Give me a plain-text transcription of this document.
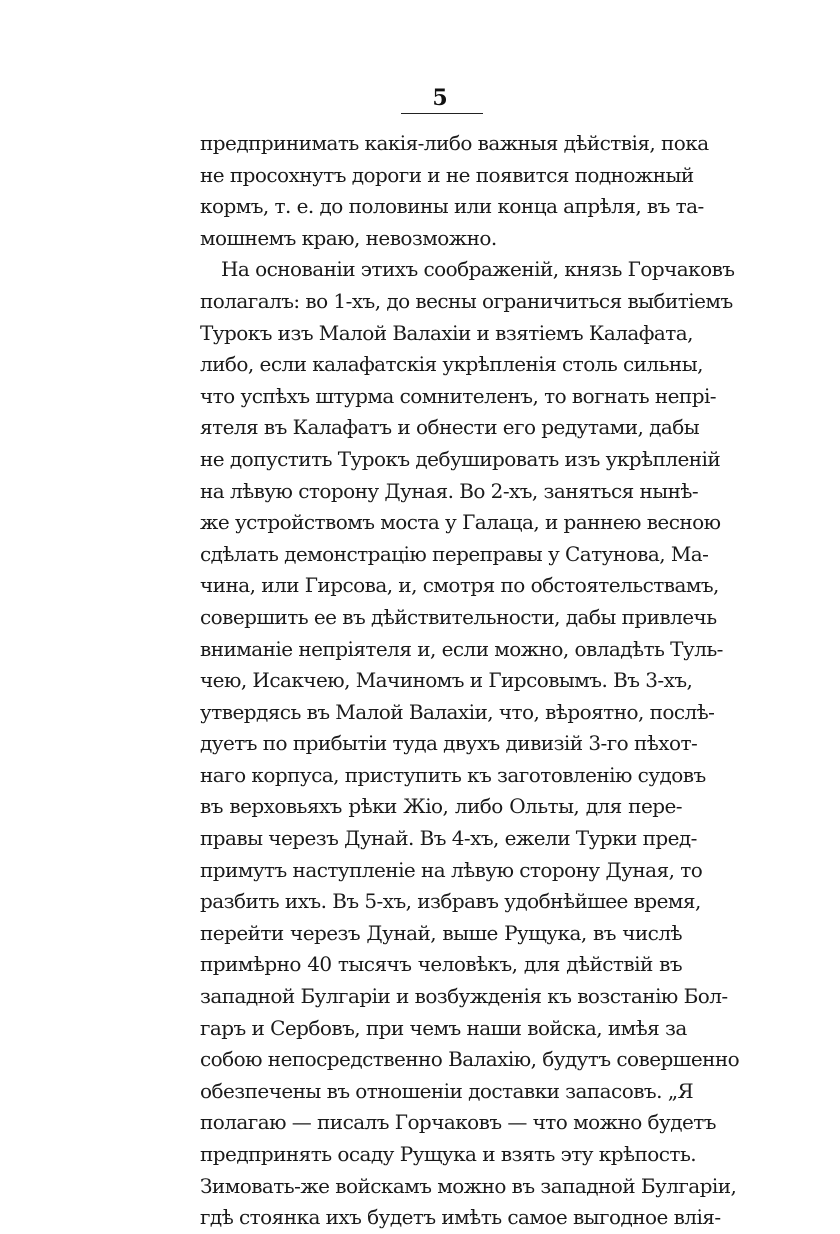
5
предпринимать какія-либо важныя дѣйствія, пока
не просохнутъ дороги и не появится подножный
кормъ, т. е. до половины или конца апрѣля, въ та-
мошнемъ краю, невозможно.
На основаніи этихъ соображеній, князь Горчаковъ
полагалъ: во 1-хъ, до весны ограничиться выбитіемъ
Турокъ изъ Малой Валахіи и взятіемъ Калафата,
либо, если калафатскія укрѣпленія столь сильны,
что успѣхъ штурма сомнителенъ, то вогнать непрі-
ятеля въ Калафатъ и обнести его редутами, дабы
не допустить Турокъ дебушировать изъ укрѣпленій
на лѣвую сторону Дуная. Во 2-хъ, заняться нынѣ-
же устройствомъ моста у Галаца, и раннею весною
сдѣлать демонстрацію переправы у Сатунова, Ма-
чина, или Гирсова, и, смотря по обстоятельствамъ,
совершить ее въ дѣйствительности, дабы привлечь
вниманіе непріятеля и, если можно, овладѣть Туль-
чею, Исакчею, Мачиномъ и Гирсовымъ. Въ 3-хъ,
утвердясь въ Малой Валахіи, что, вѣроятно, послѣ-
дуетъ по прибытіи туда двухъ дивизій 3-го пѣхот-
наго корпуса, приступить къ заготовленію судовъ
въ верховьяхъ рѣки Жіо, либо Ольты, для пере-
правы черезъ Дунай. Въ 4-хъ, ежели Турки пред-
примутъ наступленіе на лѣвую сторону Дуная, то
разбить ихъ. Въ 5-хъ, избравъ удобнѣйшее время,
перейти черезъ Дунай, выше Рущука, въ числѣ
примѣрно 40 тысячъ человѣкъ, для дѣйствій въ
западной Булгаріи и возбужденія къ возстанію Бол-
гаръ и Сербовъ, при чемъ наши войска, имѣя за
собою непосредственно Валахію, будутъ совершенно
обезпечены въ отношеніи доставки запасовъ. „Я
полагаю — писалъ Горчаковъ — что можно будетъ
предпринять осаду Рущука и взять эту крѣпость.
Зимовать-же войскамъ можно въ западной Булгаріи,
гдѣ стоянка ихъ будетъ имѣть самое выгодное влія-
